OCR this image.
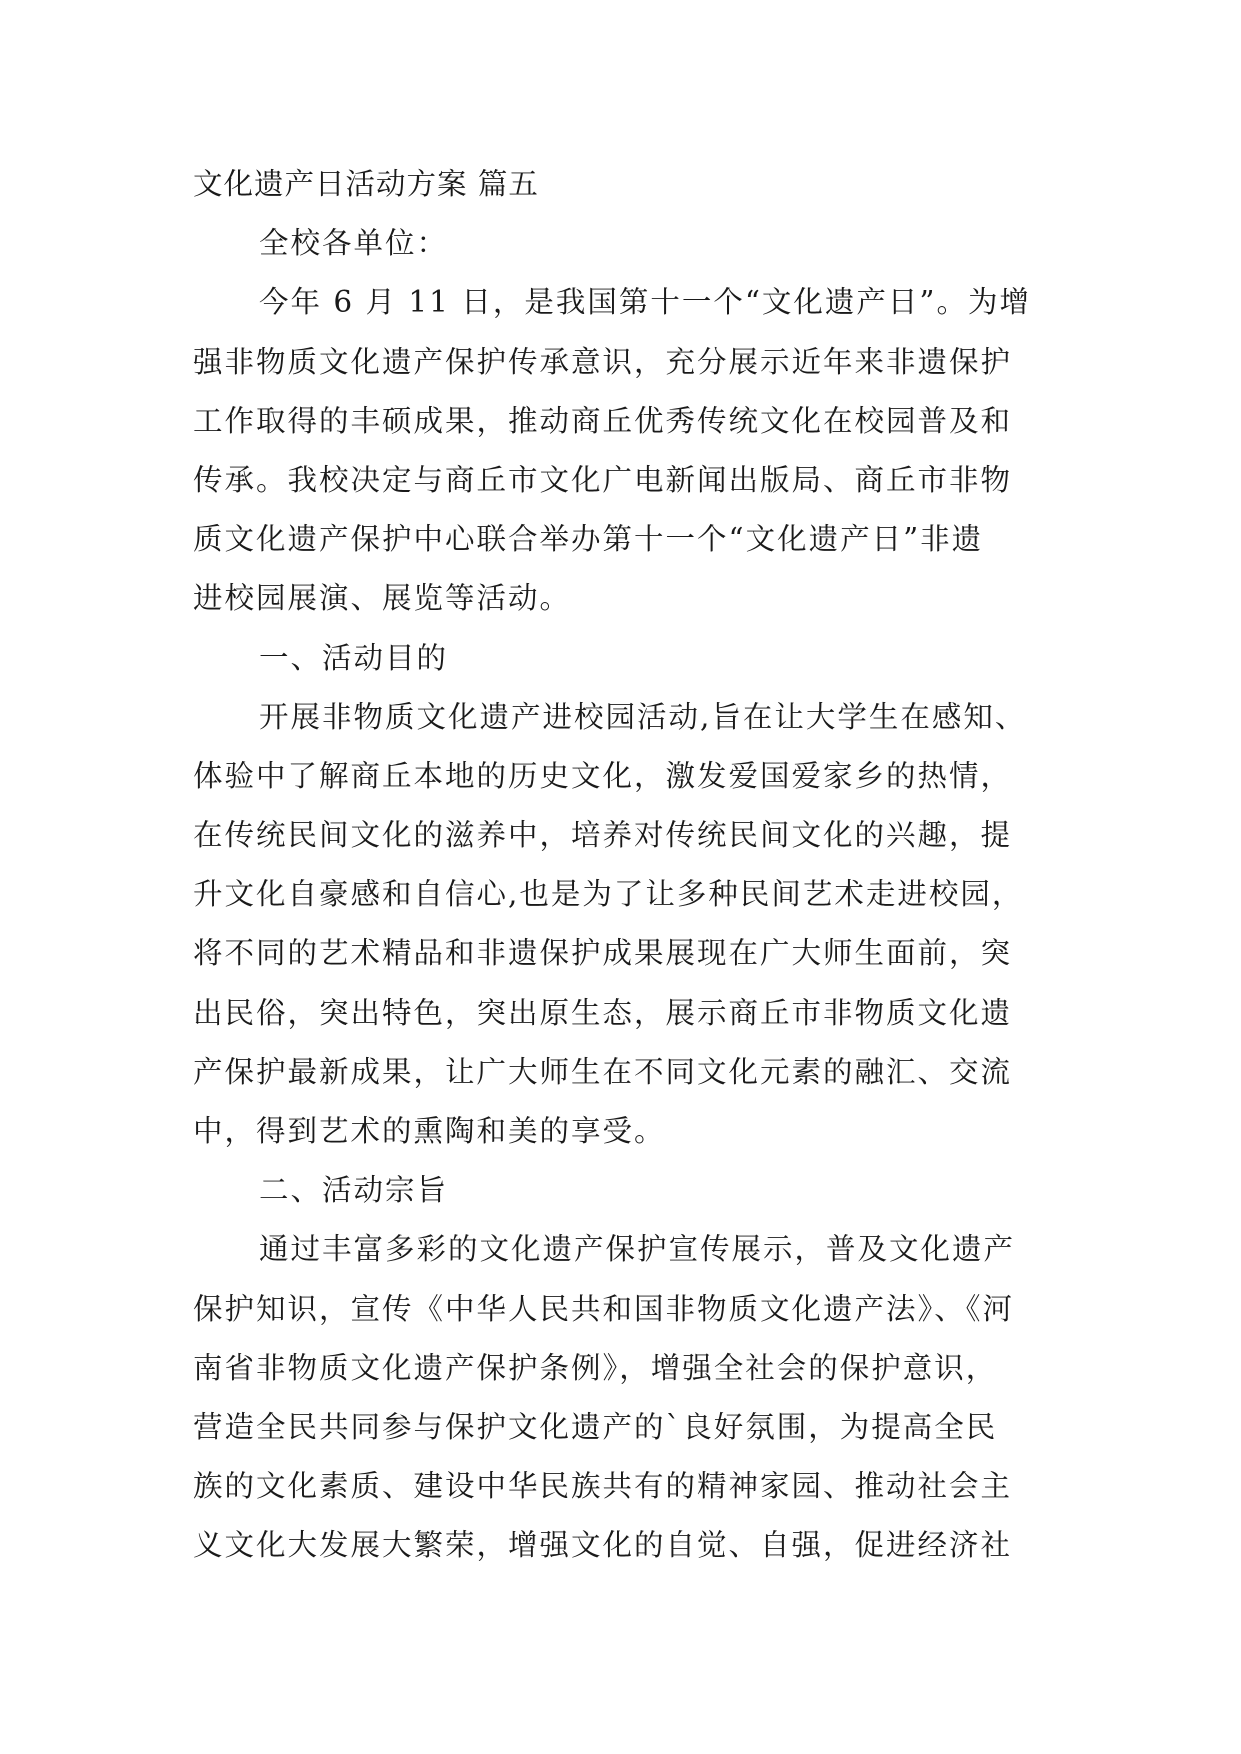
文化遗产日活动方案 篇五
全校各单位：
今年 6 月 11 日，是我国第十一个“文化遗产日”。为增
强非物质文化遗产保护传承意识，充分展示近年来非遗保护
工作取得的丰硕成果，推动商丘优秀传统文化在校园普及和
传承。我校决定与商丘市文化广电新闻出版局、商丘市非物
质文化遗产保护中心联合举办第十一个“文化遗产日”非遗
进校园展演、展览等活动。
一、活动目的
开展非物质文化遗产进校园活动,旨在让大学生在感知、
体验中了解商丘本地的历史文化，激发爱国爱家乡的热情，
在传统民间文化的滋养中，培养对传统民间文化的兴趣，提
升文化自豪感和自信心,也是为了让多种民间艺术走进校园，
将不同的艺术精品和非遗保护成果展现在广大师生面前，突
出民俗，突出特色，突出原生态，展示商丘市非物质文化遗
产保护最新成果，让广大师生在不同文化元素的融汇、交流
中，得到艺术的熏陶和美的享受。
二、活动宗旨
通过丰富多彩的文化遗产保护宣传展示，普及文化遗产
保护知识，宣传《中华人民共和国非物质文化遗产法》、《河
南省非物质文化遗产保护条例》，增强全社会的保护意识，
营造全民共同参与保护文化遗产的`良好氛围，为提高全民
族的文化素质、建设中华民族共有的精神家园、推动社会主
义文化大发展大繁荣，增强文化的自觉、自强，促进经济社
